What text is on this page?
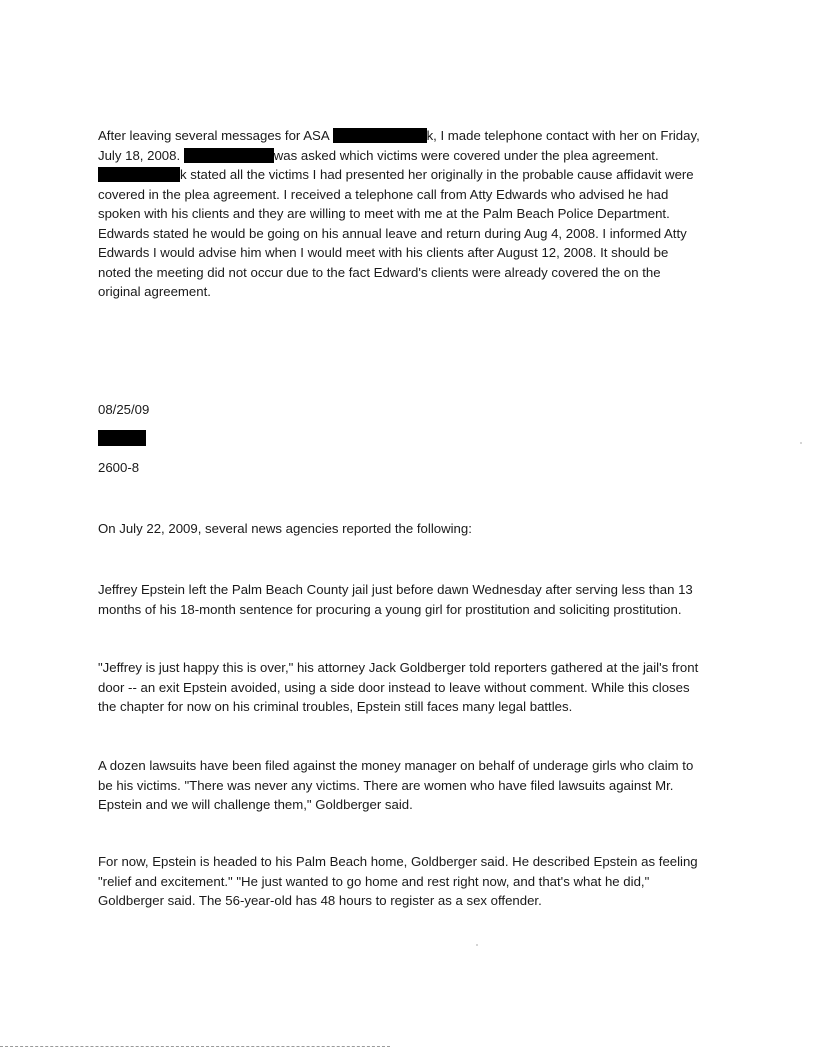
After leaving several messages for ASA	k, I made telephone contact with her on Friday,
July 18, 2008.	was asked which victims were covered under the plea agreement.
k stated all the victims I had presented her originally in the probable cause affidavit were
covered in the plea agreement. I received a telephone call from Atty Edwards who advised he had
spoken with his clients and they are willing to meet with me at the Palm Beach Police Department.
Edwards stated he would be going on his annual leave and return during Aug 4, 2008. I informed Atty
Edwards I would advise him when I would meet with his clients after August 12, 2008. It should be
noted the meeting did not occur due to the fact Edward's clients were already covered the on the
original agreement.
08/25/09
2600-8
On July 22, 2009, several news agencies reported the following:
Jeffrey Epstein left the Palm Beach County jail just before dawn Wednesday after serving less than 13
months of his 18-month sentence for procuring a young girl for prostitution and soliciting prostitution.
"Jeffrey is just happy this is over," his attorney Jack Goldberger told reporters gathered at the jail's front
door -- an exit Epstein avoided, using a side door instead to leave without comment. While this closes
the chapter for now on his criminal troubles, Epstein still faces many legal battles.
A dozen lawsuits have been filed against the money manager on behalf of underage girls who claim to
be his victims. "There was never any victims. There are women who have filed lawsuits against Mr.
Epstein and we will challenge them," Goldberger said.
For now, Epstein is headed to his Palm Beach home, Goldberger said. He described Epstein as feeling
"relief and excitement." "He just wanted to go home and rest right now, and that's what he did,"
Goldberger said. The 56-year-old has 48 hours to register as a sex offender.
